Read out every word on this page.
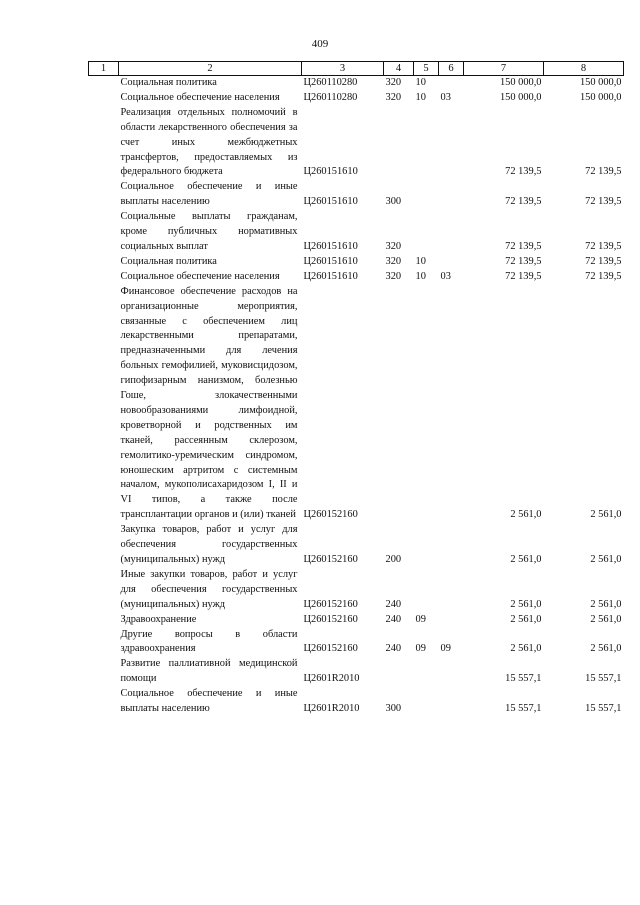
409
1	2	3	4	5	6	7	8
	Социальная политика	Ц260110280	320	10		150 000,0	150 000,0
	Социальное обеспечение населения	Ц260110280	320	10	03	150 000,0	150 000,0
	Реализация отдельных полномочий в области лекарственного обеспечения за счет иных межбюджетных трансфертов, предоставляемых из федерального бюджета	Ц260151610				72 139,5	72 139,5
	Социальное обеспечение и иные выплаты населению	Ц260151610	300			72 139,5	72 139,5
	Социальные выплаты гражданам, кроме публичных нормативных социальных выплат	Ц260151610	320			72 139,5	72 139,5
	Социальная политика	Ц260151610	320	10		72 139,5	72 139,5
	Социальное обеспечение населения	Ц260151610	320	10	03	72 139,5	72 139,5
	Финансовое обеспечение расходов на организационные мероприятия, связанные с обеспечением лиц лекарственными препаратами, предназначенными для лечения больных гемофилией, муковисцидозом, гипофизарным нанизмом, болезнью Гоше, злокачественными новообразованиями лимфоидной, кроветворной и родственных им тканей, рассеянным склерозом, гемолитико-уремическим синдромом, юношеским артритом с системным началом, мукополисахаридозом I, II и VI типов, а также после трансплантации органов и (или) тканей	Ц260152160				2 561,0	2 561,0
	Закупка товаров, работ и услуг для обеспечения государственных (муниципальных) нужд	Ц260152160	200			2 561,0	2 561,0
	Иные закупки товаров, работ и услуг для обеспечения государственных (муниципальных) нужд	Ц260152160	240			2 561,0	2 561,0
	Здравоохранение	Ц260152160	240	09		2 561,0	2 561,0
	Другие вопросы в области здравоохранения	Ц260152160	240	09	09	2 561,0	2 561,0
	Развитие паллиативной медицинской помощи	Ц2601R2010				15 557,1	15 557,1
	Социальное обеспечение и иные выплаты населению	Ц2601R2010	300			15 557,1	15 557,1
